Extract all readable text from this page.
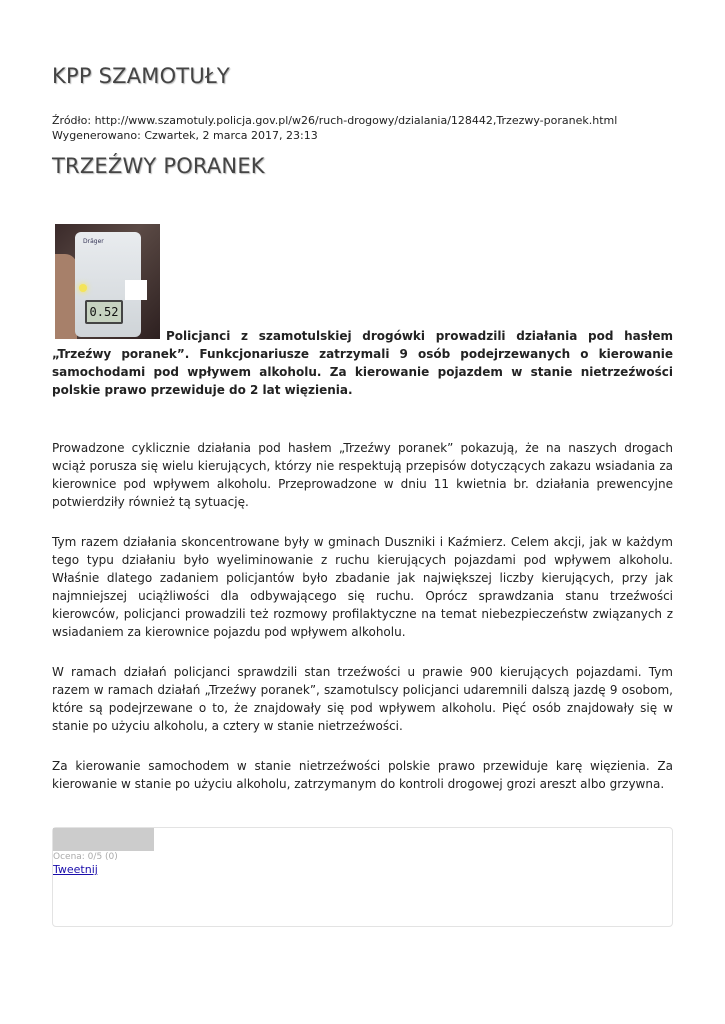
KPP SZAMOTUŁY
Źródło: http://www.szamotuly.policja.gov.pl/w26/ruch-drogowy/dzialania/128442,Trzezwy-poranek.html
Wygenerowano: Czwartek, 2 marca 2017, 23:13
TRZEŹWY PORANEK
Dräger
0.52

Policjanci z szamotulskiej drogówki prowadzili działania pod hasłem „Trzeźwy poranek”. Funkcjonariusze zatrzymali 9 osób podejrzewanych o kierowanie samochodami pod wpływem alkoholu. Za kierowanie pojazdem w stanie nietrzeźwości polskie prawo przewiduje do 2 lat więzienia.

Prowadzone cyklicznie działania pod hasłem „Trzeźwy poranek” pokazują, że na naszych drogach wciąż porusza się wielu kierujących, którzy nie respektują przepisów dotyczących zakazu wsiadania za kierownice pod wpływem alkoholu. Przeprowadzone w dniu 11 kwietnia br. działania prewencyjne potwierdziły również tą sytuację.

Tym razem działania skoncentrowane były w gminach Duszniki i Kaźmierz. Celem akcji, jak w każdym tego typu działaniu było wyeliminowanie z ruchu kierujących pojazdami pod wpływem alkoholu. Właśnie dlatego zadaniem policjantów było zbadanie jak największej liczby kierujących, przy jak najmniejszej uciążliwości dla odbywającego się ruchu. Oprócz sprawdzania stanu trzeźwości kierowców, policjanci prowadzili też rozmowy profilaktyczne na temat niebezpieczeństw związanych z wsiadaniem za kierownice pojazdu pod wpływem alkoholu.

W ramach działań policjanci sprawdzili stan trzeźwości u prawie 900 kierujących pojazdami. Tym razem w ramach działań „Trzeźwy poranek”, szamotulscy policjanci udaremnili dalszą jazdę 9 osobom, które są podejrzewane o to, że znajdowały się pod wpływem alkoholu. Pięć osób znajdowały się w stanie po użyciu alkoholu, a cztery w stanie nietrzeźwości.

Za kierowanie samochodem w stanie nietrzeźwości polskie prawo przewiduje karę więzienia. Za kierowanie w stanie po użyciu alkoholu, zatrzymanym do kontroli drogowej grozi areszt albo grzywna.

Ocena: 0/5 (0)
Tweetnij
